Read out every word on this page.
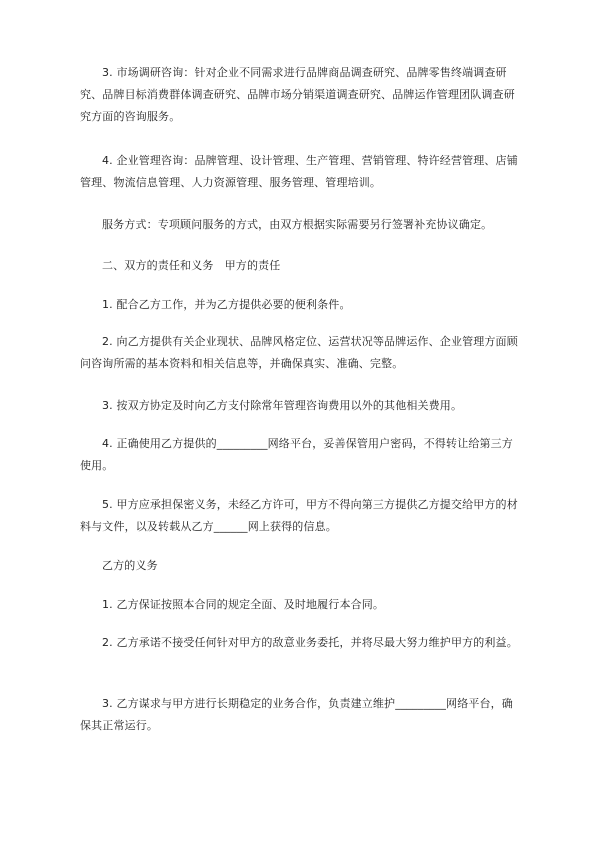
3. 市场调研咨询：针对企业不同需求进行品牌商品调查研究、品牌零售终端调查研究、品牌目标消费群体调查研究、品牌市场分销渠道调查研究、品牌运作管理团队调查研究方面的咨询服务。

4. 企业管理咨询：品牌管理、设计管理、生产管理、营销管理、特许经营管理、店铺管理、物流信息管理、人力资源管理、服务管理、管理培训。

服务方式：专项顾问服务的方式，由双方根据实际需要另行签署补充协议确定。

二、双方的责任和义务　甲方的责任

1. 配合乙方工作，并为乙方提供必要的便利条件。

2. 向乙方提供有关企业现状、品牌风格定位、运营状况等品牌运作、企业管理方面顾问咨询所需的基本资料和相关信息等，并确保真实、准确、完整。

3. 按双方协定及时向乙方支付除常年管理咨询费用以外的其他相关费用。

4. 正确使用乙方提供的_________网络平台，妥善保管用户密码，不得转让给第三方使用。

5. 甲方应承担保密义务，未经乙方许可，甲方不得向第三方提供乙方提交给甲方的材料与文件，以及转载从乙方______网上获得的信息。

乙方的义务

1. 乙方保证按照本合同的规定全面、及时地履行本合同。

2. 乙方承诺不接受任何针对甲方的敌意业务委托，并将尽最大努力维护甲方的利益。

3. 乙方谋求与甲方进行长期稳定的业务合作，负责建立维护_________网络平台，确保其正常运行。
